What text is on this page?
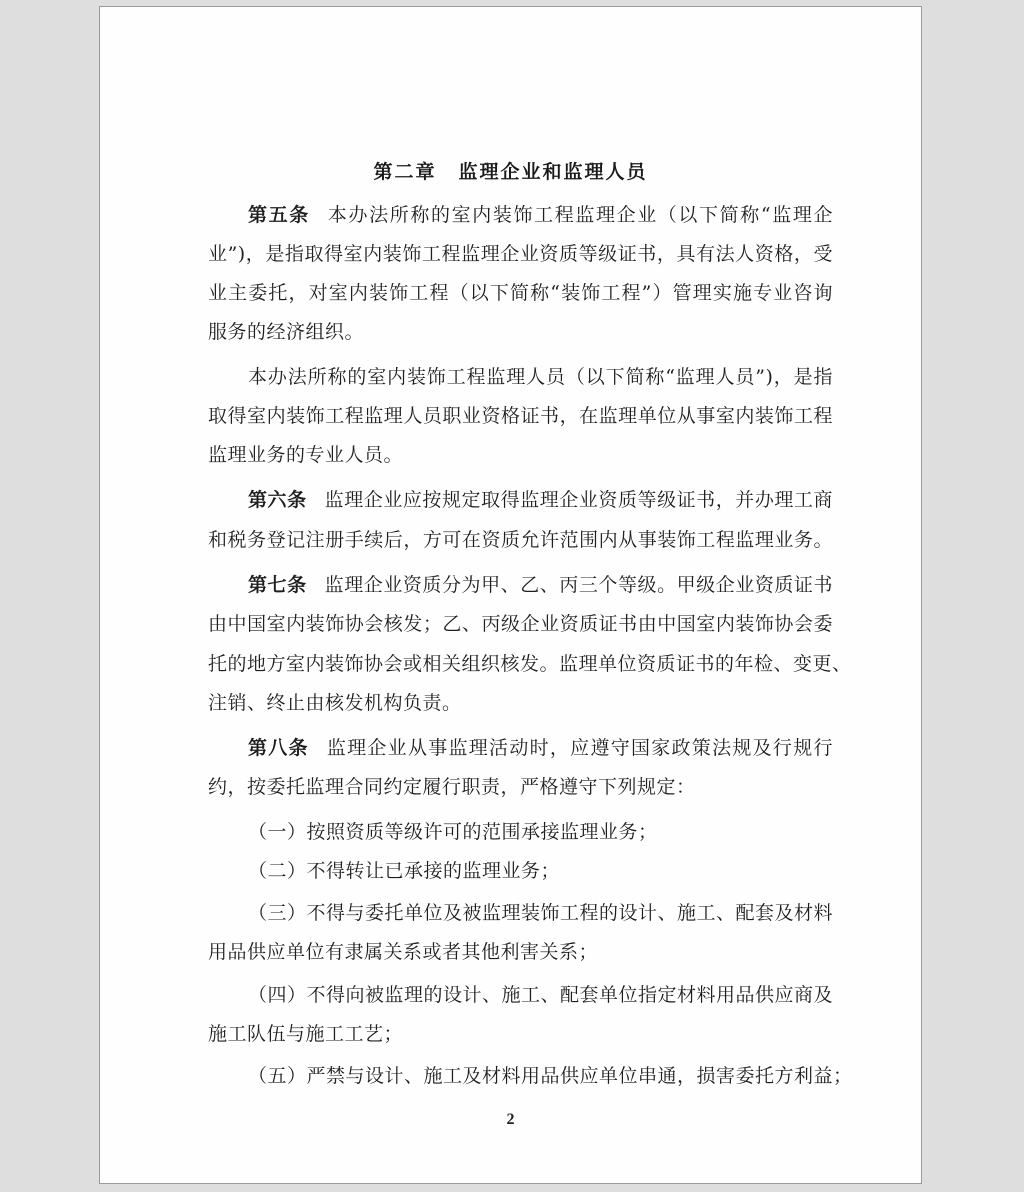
第二章 监理企业和监理人员
第五条 本办法所称的室内装饰工程监理企业（以下简称“监理企
业”)，是指取得室内装饰工程监理企业资质等级证书，具有法人资格，受
业主委托，对室内装饰工程（以下简称“装饰工程”）管理实施专业咨询
服务的经济组织。
本办法所称的室内装饰工程监理人员（以下简称“监理人员”)，是指
取得室内装饰工程监理人员职业资格证书，在监理单位从事室内装饰工程
监理业务的专业人员。
第六条 监理企业应按规定取得监理企业资质等级证书，并办理工商
和税务登记注册手续后，方可在资质允许范围内从事装饰工程监理业务。
第七条 监理企业资质分为甲、乙、丙三个等级。甲级企业资质证书
由中国室内装饰协会核发；乙、丙级企业资质证书由中国室内装饰协会委
托的地方室内装饰协会或相关组织核发。监理单位资质证书的年检、变更、
注销、终止由核发机构负责。
第八条 监理企业从事监理活动时，应遵守国家政策法规及行规行
约，按委托监理合同约定履行职责，严格遵守下列规定：
（一）按照资质等级许可的范围承接监理业务；
（二）不得转让已承接的监理业务；
（三）不得与委托单位及被监理装饰工程的设计、施工、配套及材料
用品供应单位有隶属关系或者其他利害关系；
（四）不得向被监理的设计、施工、配套单位指定材料用品供应商及
施工队伍与施工工艺；
（五）严禁与设计、施工及材料用品供应单位串通，损害委托方利益；
2
